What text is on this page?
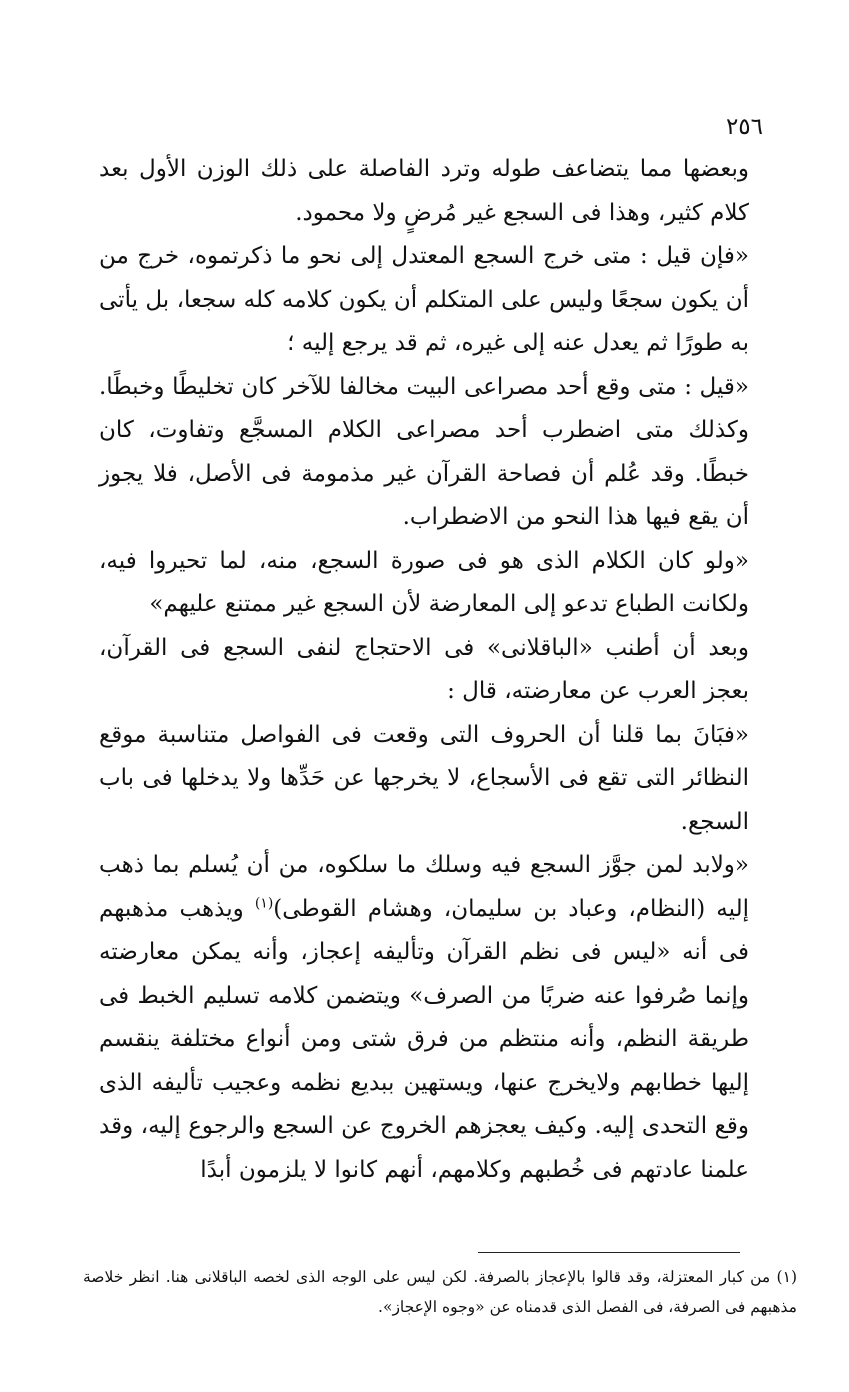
٢٥٦

وبعضها مما يتضاعف طوله وترد الفاصلة على ذلك الوزن الأول بعد كلام كثير، وهذا فى السجع غير مُرضٍ ولا محمود.

«فإن قيل : متى خرج السجع المعتدل إلى نحو ما ذكرتموه، خرج من أن يكون سجعًا وليس على المتكلم أن يكون كلامه كله سجعا، بل يأتى به طورًا ثم يعدل عنه إلى غيره، ثم قد يرجع إليه ؛

«قيل : متى وقع أحد مصراعى البيت مخالفا للآخر كان تخليطًا وخبطًا. وكذلك متى اضطرب أحد مصراعى الكلام المسجَّع وتفاوت، كان خبطًا. وقد عُلم أن فصاحة القرآن غير مذمومة فى الأصل، فلا يجوز أن يقع فيها هذا النحو من الاضطراب.

«ولو كان الكلام الذى هو فى صورة السجع، منه، لما تحيروا فيه، ولكانت الطباع تدعو إلى المعارضة لأن السجع غير ممتنع عليهم»

وبعد أن أطنب «الباقلانى» فى الاحتجاج لنفى السجع فى القرآن، بعجز العرب عن معارضته، قال :

«فبَانَ بما قلنا أن الحروف التى وقعت فى الفواصل متناسبة موقع النظائر التى تقع فى الأسجاع، لا يخرجها عن حَدِّها ولا يدخلها فى باب السجع.

«ولابد لمن جوَّز السجع فيه وسلك ما سلكوه، من أن يُسلم بما ذهب إليه (النظام، وعباد بن سليمان، وهشام القوطى)$^{(١)}$ ويذهب مذهبهم فى أنه «ليس فى نظم القرآن وتأليفه إعجاز، وأنه يمكن معارضته وإنما صُرفوا عنه ضربًا من الصرف» ويتضمن كلامه تسليم الخبط فى طريقة النظم، وأنه منتظم من فرق شتى ومن أنواع مختلفة ينقسم إليها خطابهم ولايخرج عنها، ويستهين ببديع نظمه وعجيب تأليفه الذى وقع التحدى إليه. وكيف يعجزهم الخروج عن السجع والرجوع إليه، وقد علمنا عادتهم فى خُطبهم وكلامهم، أنهم كانوا لا يلزمون أبدًا

(١) من كبار المعتزلة، وقد قالوا بالإعجاز بالصرفة. لكن ليس على الوجه الذى لخصه الباقلانى هنا. انظر خلاصة مذهبهم فى الصرفة، فى الفصل الذى قدمناه عن «وجوه الإعجاز».
